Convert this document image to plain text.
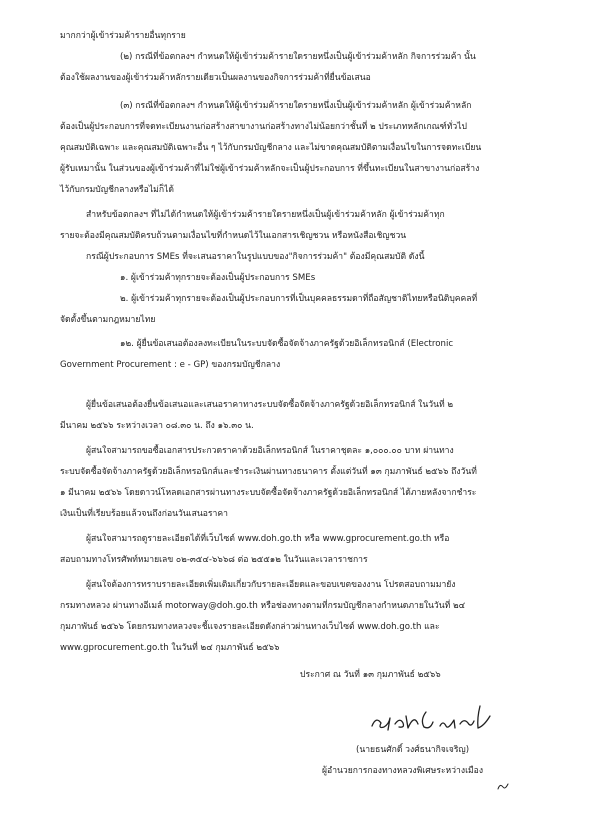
มากกว่าผู้เข้าร่วมค้ารายอื่นทุกราย
(๒) กรณีที่ข้อตกลงฯ กำหนดให้ผู้เข้าร่วมค้ารายใดรายหนึ่งเป็นผู้เข้าร่วมค้าหลัก กิจการร่วมค้า นั้น
ต้องใช้ผลงานของผู้เข้าร่วมค้าหลักรายเดียวเป็นผลงานของกิจการร่วมค้าที่ยื่นข้อเสนอ
(๓) กรณีที่ข้อตกลงฯ กำหนดให้ผู้เข้าร่วมค้ารายใดรายหนึ่งเป็นผู้เข้าร่วมค้าหลัก ผู้เข้าร่วมค้าหลัก
ต้องเป็นผู้ประกอบการที่จดทะเบียนงานก่อสร้างสาขางานก่อสร้างทางไม่น้อยกว่าชั้นที่ ๒ ประเภทหลักเกณฑ์ทั่วไป
คุณสมบัติเฉพาะ และคุณสมบัติเฉพาะอื่น ๆ ไว้กับกรมบัญชีกลาง และไม่ขาดคุณสมบัติตามเงื่อนไขในการจดทะเบียน
ผู้รับเหมานั้น ในส่วนของผู้เข้าร่วมค้าที่ไม่ใช่ผู้เข้าร่วมค้าหลักจะเป็นผู้ประกอบการ ที่ขึ้นทะเบียนในสาขางานก่อสร้าง
ไว้กับกรมบัญชีกลางหรือไม่ก็ได้
สำหรับข้อตกลงฯ ที่ไม่ได้กำหนดให้ผู้เข้าร่วมค้ารายใดรายหนึ่งเป็นผู้เข้าร่วมค้าหลัก ผู้เข้าร่วมค้าทุก
รายจะต้องมีคุณสมบัติครบถ้วนตามเงื่อนไขที่กำหนดไว้ในเอกสารเชิญชวน หรือหนังสือเชิญชวน
กรณีผู้ประกอบการ SMEs ที่จะเสนอราคาในรูปแบบของ"กิจการร่วมค้า" ต้องมีคุณสมบัติ ดังนี้
๑. ผู้เข้าร่วมค้าทุกรายจะต้องเป็นผู้ประกอบการ SMEs
๒. ผู้เข้าร่วมค้าทุกรายจะต้องเป็นผู้ประกอบการที่เป็นบุคคลธรรมดาที่ถือสัญชาติไทยหรือนิติบุคคลที่
จัดตั้งขึ้นตามกฎหมายไทย
๑๒. ผู้ยื่นข้อเสนอต้องลงทะเบียนในระบบจัดซื้อจัดจ้างภาครัฐด้วยอิเล็กทรอนิกส์ (Electronic
Government Procurement : e - GP) ของกรมบัญชีกลาง
ผู้ยื่นข้อเสนอต้องยื่นข้อเสนอและเสนอราคาทางระบบจัดซื้อจัดจ้างภาครัฐด้วยอิเล็กทรอนิกส์ ในวันที่ ๒
มีนาคม ๒๕๖๖ ระหว่างเวลา ๐๘.๓๐ น. ถึง ๑๖.๓๐ น.
ผู้สนใจสามารถขอซื้อเอกสารประกวดราคาด้วยอิเล็กทรอนิกส์ ในราคาชุดละ ๑,๐๐๐.๐๐ บาท ผ่านทาง
ระบบจัดซื้อจัดจ้างภาครัฐด้วยอิเล็กทรอนิกส์และชำระเงินผ่านทางธนาคาร ตั้งแต่วันที่ ๑๓ กุมภาพันธ์ ๒๕๖๖ ถึงวันที่
๑ มีนาคม ๒๕๖๖ โดยดาวน์โหลดเอกสารผ่านทางระบบจัดซื้อจัดจ้างภาครัฐด้วยอิเล็กทรอนิกส์ ได้ภายหลังจากชำระ
เงินเป็นที่เรียบร้อยแล้วจนถึงก่อนวันเสนอราคา
ผู้สนใจสามารถดูรายละเอียดได้ที่เว็บไซต์ www.doh.go.th หรือ www.gprocurement.go.th หรือ
สอบถามทางโทรศัพท์หมายเลข ๐๒-๓๕๔-๖๖๖๘ ต่อ ๒๕๕๑๒ ในวันและเวลาราชการ
ผู้สนใจต้องการทราบรายละเอียดเพิ่มเติมเกี่ยวกับรายละเอียดและขอบเขตของงาน โปรดสอบถามมายัง
กรมทางหลวง ผ่านทางอีเมล์ motorway@doh.go.th หรือช่องทางตามที่กรมบัญชีกลางกำหนดภายในวันที่ ๒๔
กุมภาพันธ์ ๒๕๖๖ โดยกรมทางหลวงจะชี้แจงรายละเอียดดังกล่าวผ่านทางเว็บไซต์ www.doh.go.th และ
www.gprocurement.go.th ในวันที่ ๒๔ กุมภาพันธ์ ๒๕๖๖
ประกาศ ณ วันที่ ๑๓ กุมภาพันธ์ ๒๕๖๖
(นายธนศักดิ์ วงศ์ธนากิจเจริญ)
ผู้อำนวยการกองทางหลวงพิเศษระหว่างเมือง
